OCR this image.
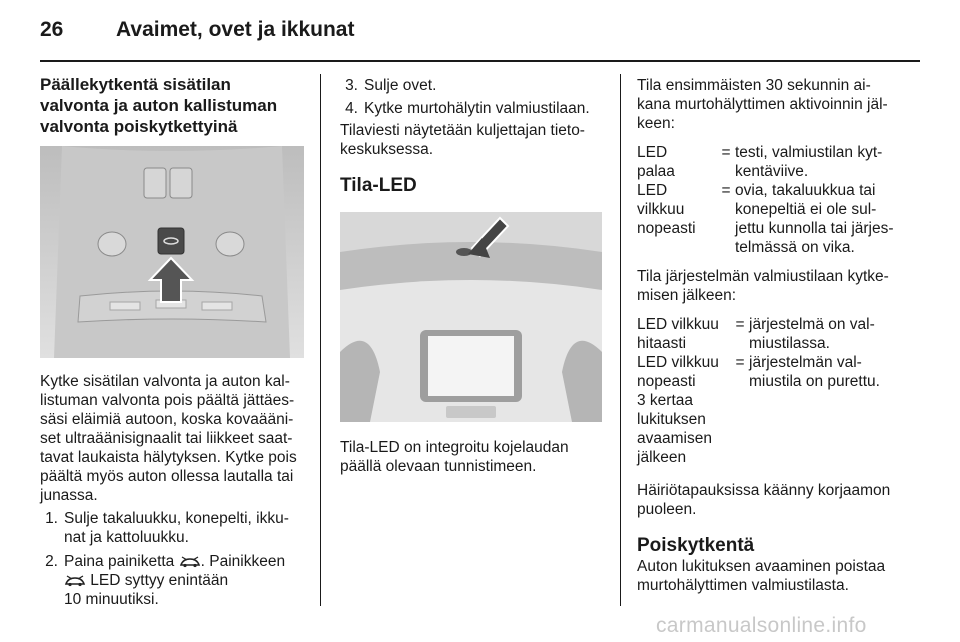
26	Avaimet, ovet ja ikkunat
Päällekytkentä sisätilan
valvonta ja auton kallistuman
valvonta poiskytkettyinä
Kytke sisätilan valvonta ja auton kal-
listuman valvonta pois päältä jättäes-
säsi eläimiä autoon, koska kovaääni-
set ultraäänisignaalit tai liikkeet saat-
tavat laukaista hälytyksen. Kytke pois
päältä myös auton ollessa lautalla tai
junassa.
1. Sulje takaluukku, konepelti, ikku-
nat ja kattoluukku.
2. Paina painiketta . Painikkeen
LED syttyy enintään
10 minuutiksi.
3. Sulje ovet.
4. Kytke murtohälytin valmiustilaan.
Tilaviesti näytetään kuljettajan tieto-
keskuksessa.
Tila-LED
Tila-LED on integroitu kojelaudan
päällä olevaan tunnistimeen.
Tila ensimmäisten 30 sekunnin ai-
kana murtohälyttimen aktivoinnin jäl-
keen:
LED
palaa
= testi, valmiustilan kyt-
kentäviive.
LED
vilkkuu
nopeasti
= ovia, takaluukkua tai
konepeltiä ei ole sul-
jettu kunnolla tai järjes-
telmässä on vika.
Tila järjestelmän valmiustilaan kytke-
misen jälkeen:
LED vilkkuu
hitaasti
= järjestelmä on val-
miustilassa.
LED vilkkuu
nopeasti
3 kertaa
lukituksen
avaamisen
jälkeen
= järjestelmän val-
miustila on purettu.
Häiriötapauksissa käänny korjaamon
puoleen.
Poiskytkentä
Auton lukituksen avaaminen poistaa
murtohälyttimen valmiustilasta.
carmanualsonline.info
